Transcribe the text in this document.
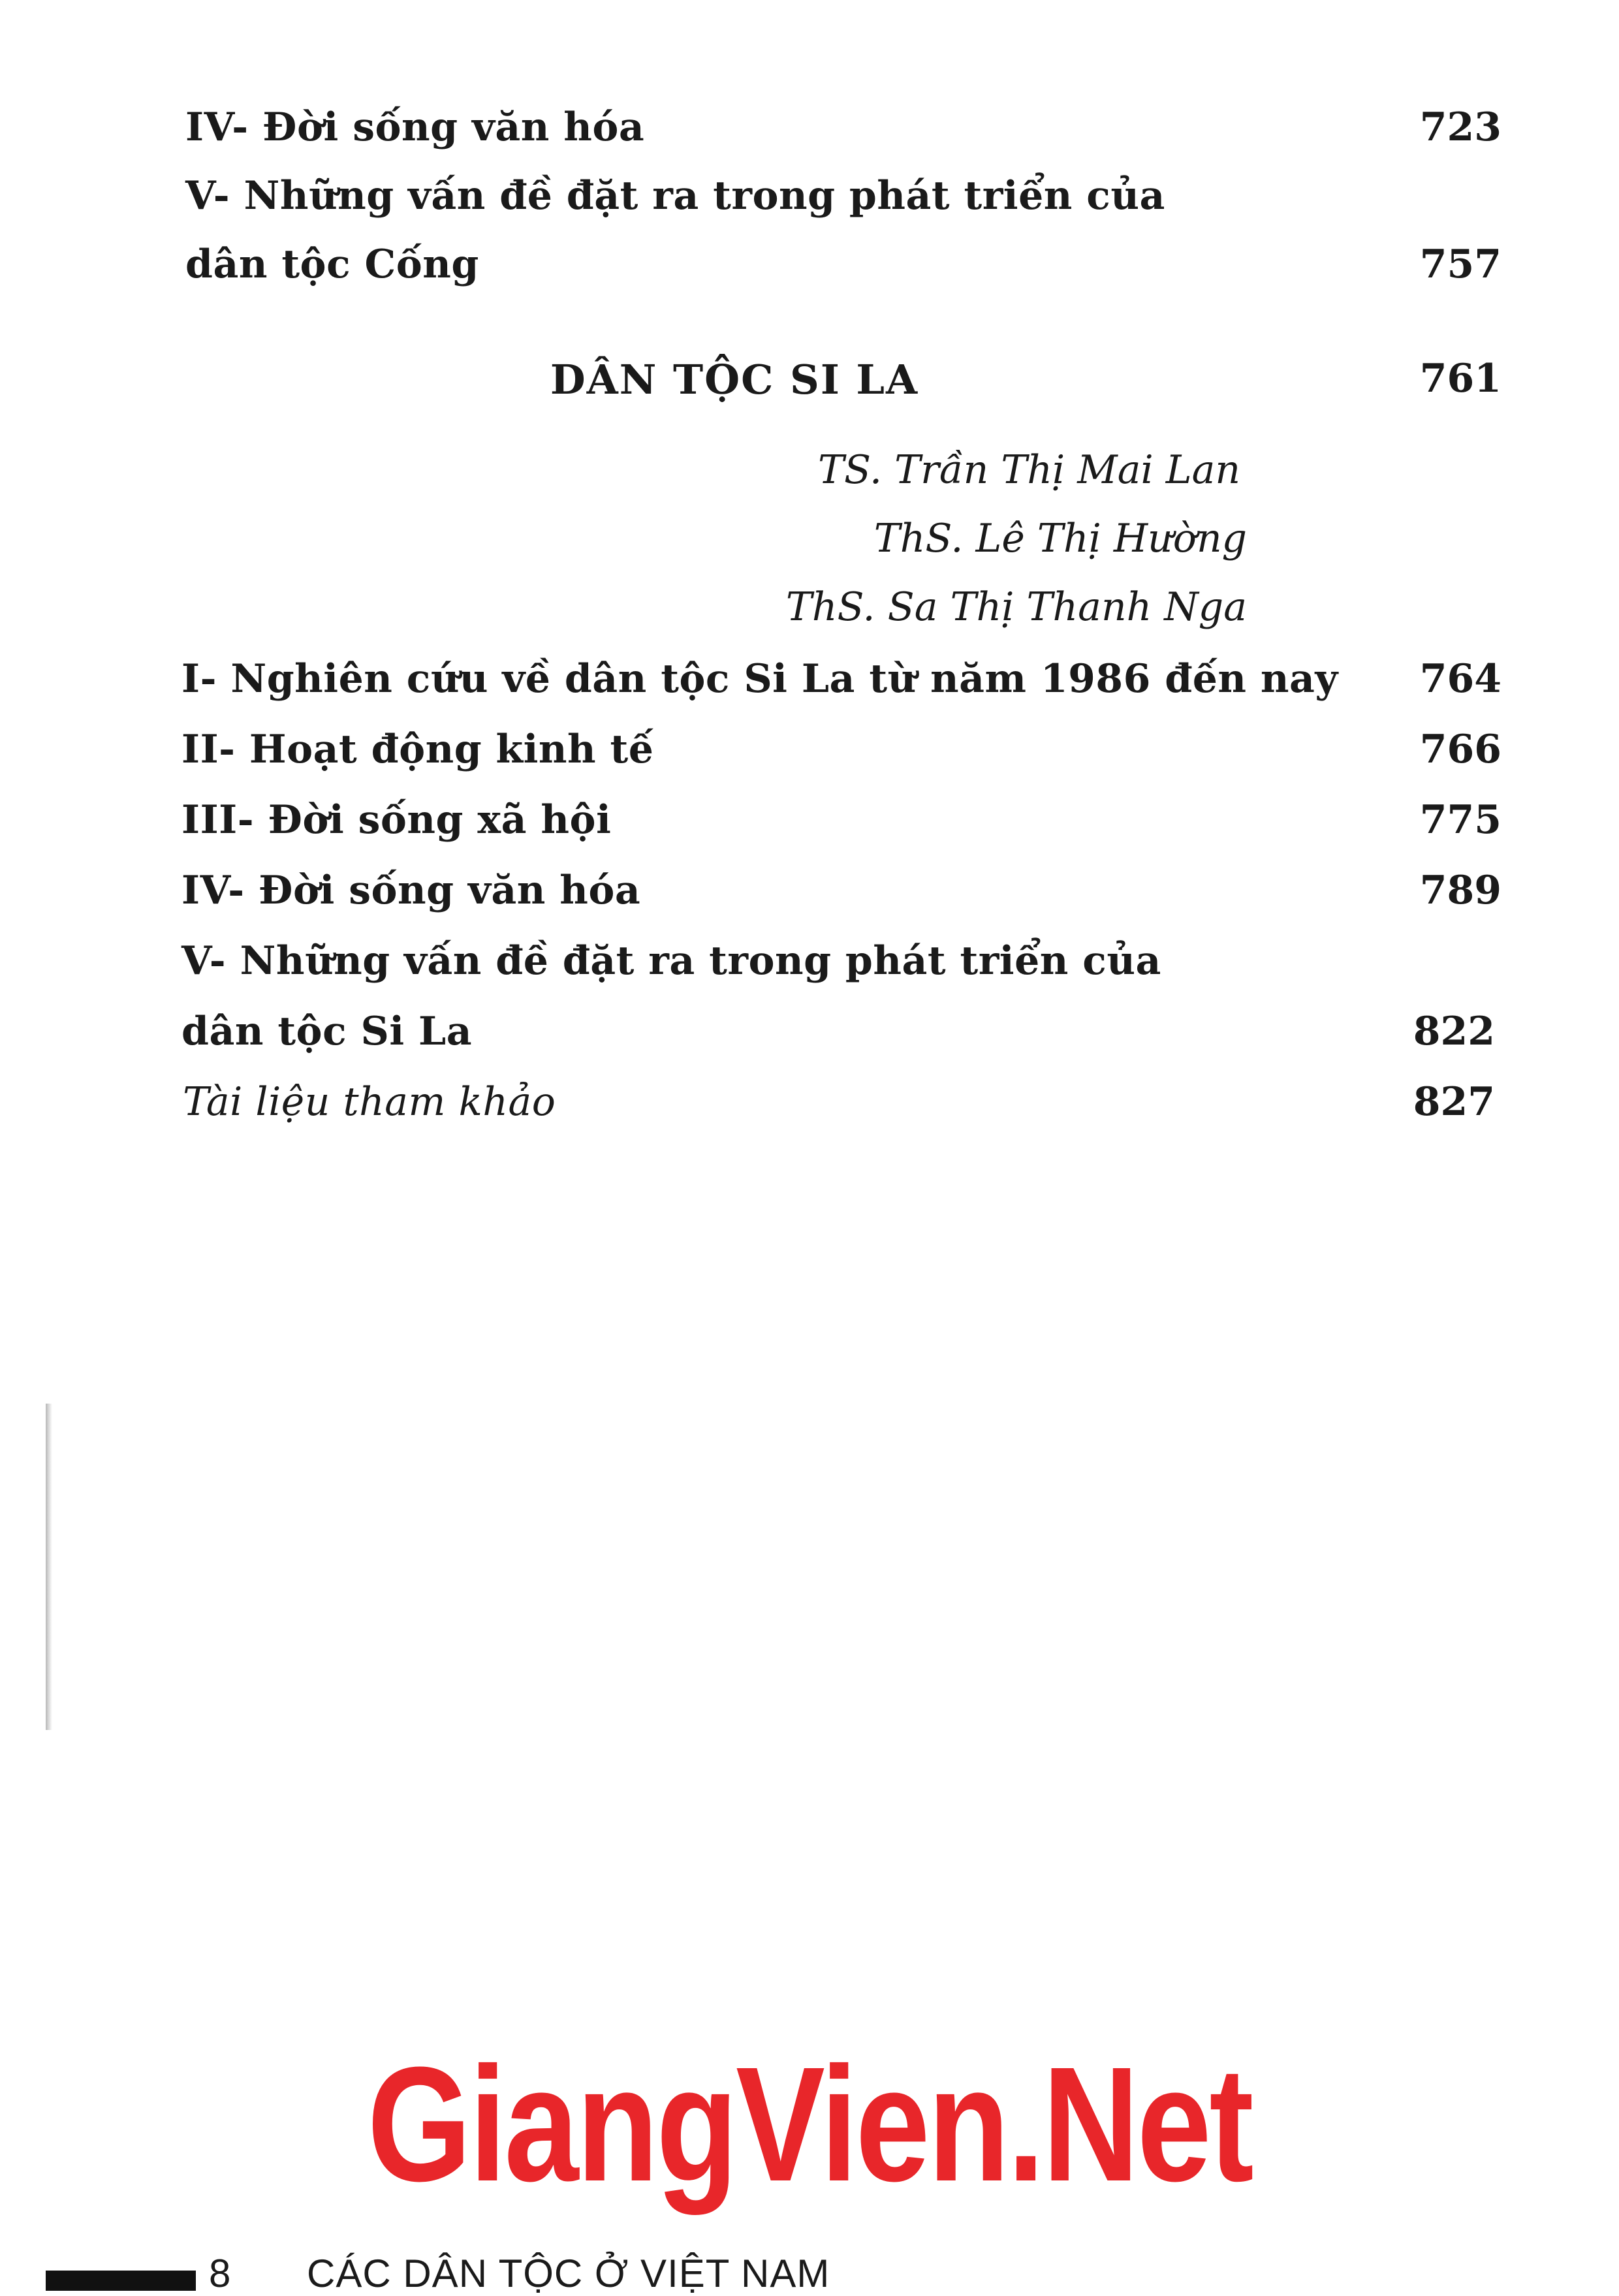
IV- Đời sống văn hóa	723
V- Những vấn đề đặt ra trong phát triển của
dân tộc Cống	757
DÂN TỘC SI LA	761
TS. Trần Thị Mai Lan
ThS. Lê Thị Hường
ThS. Sa Thị Thanh Nga
I- Nghiên cứu về dân tộc Si La từ năm 1986 đến nay 764
II- Hoạt động kinh tế	766
III- Đời sống xã hội	775
IV- Đời sống văn hóa	789
V- Những vấn đề đặt ra trong phát triển của
dân tộc Si La	822
Tài liệu tham khảo	827
GiangVien.Net
8 CÁC DÂN TỘC Ở VIỆT NAM
